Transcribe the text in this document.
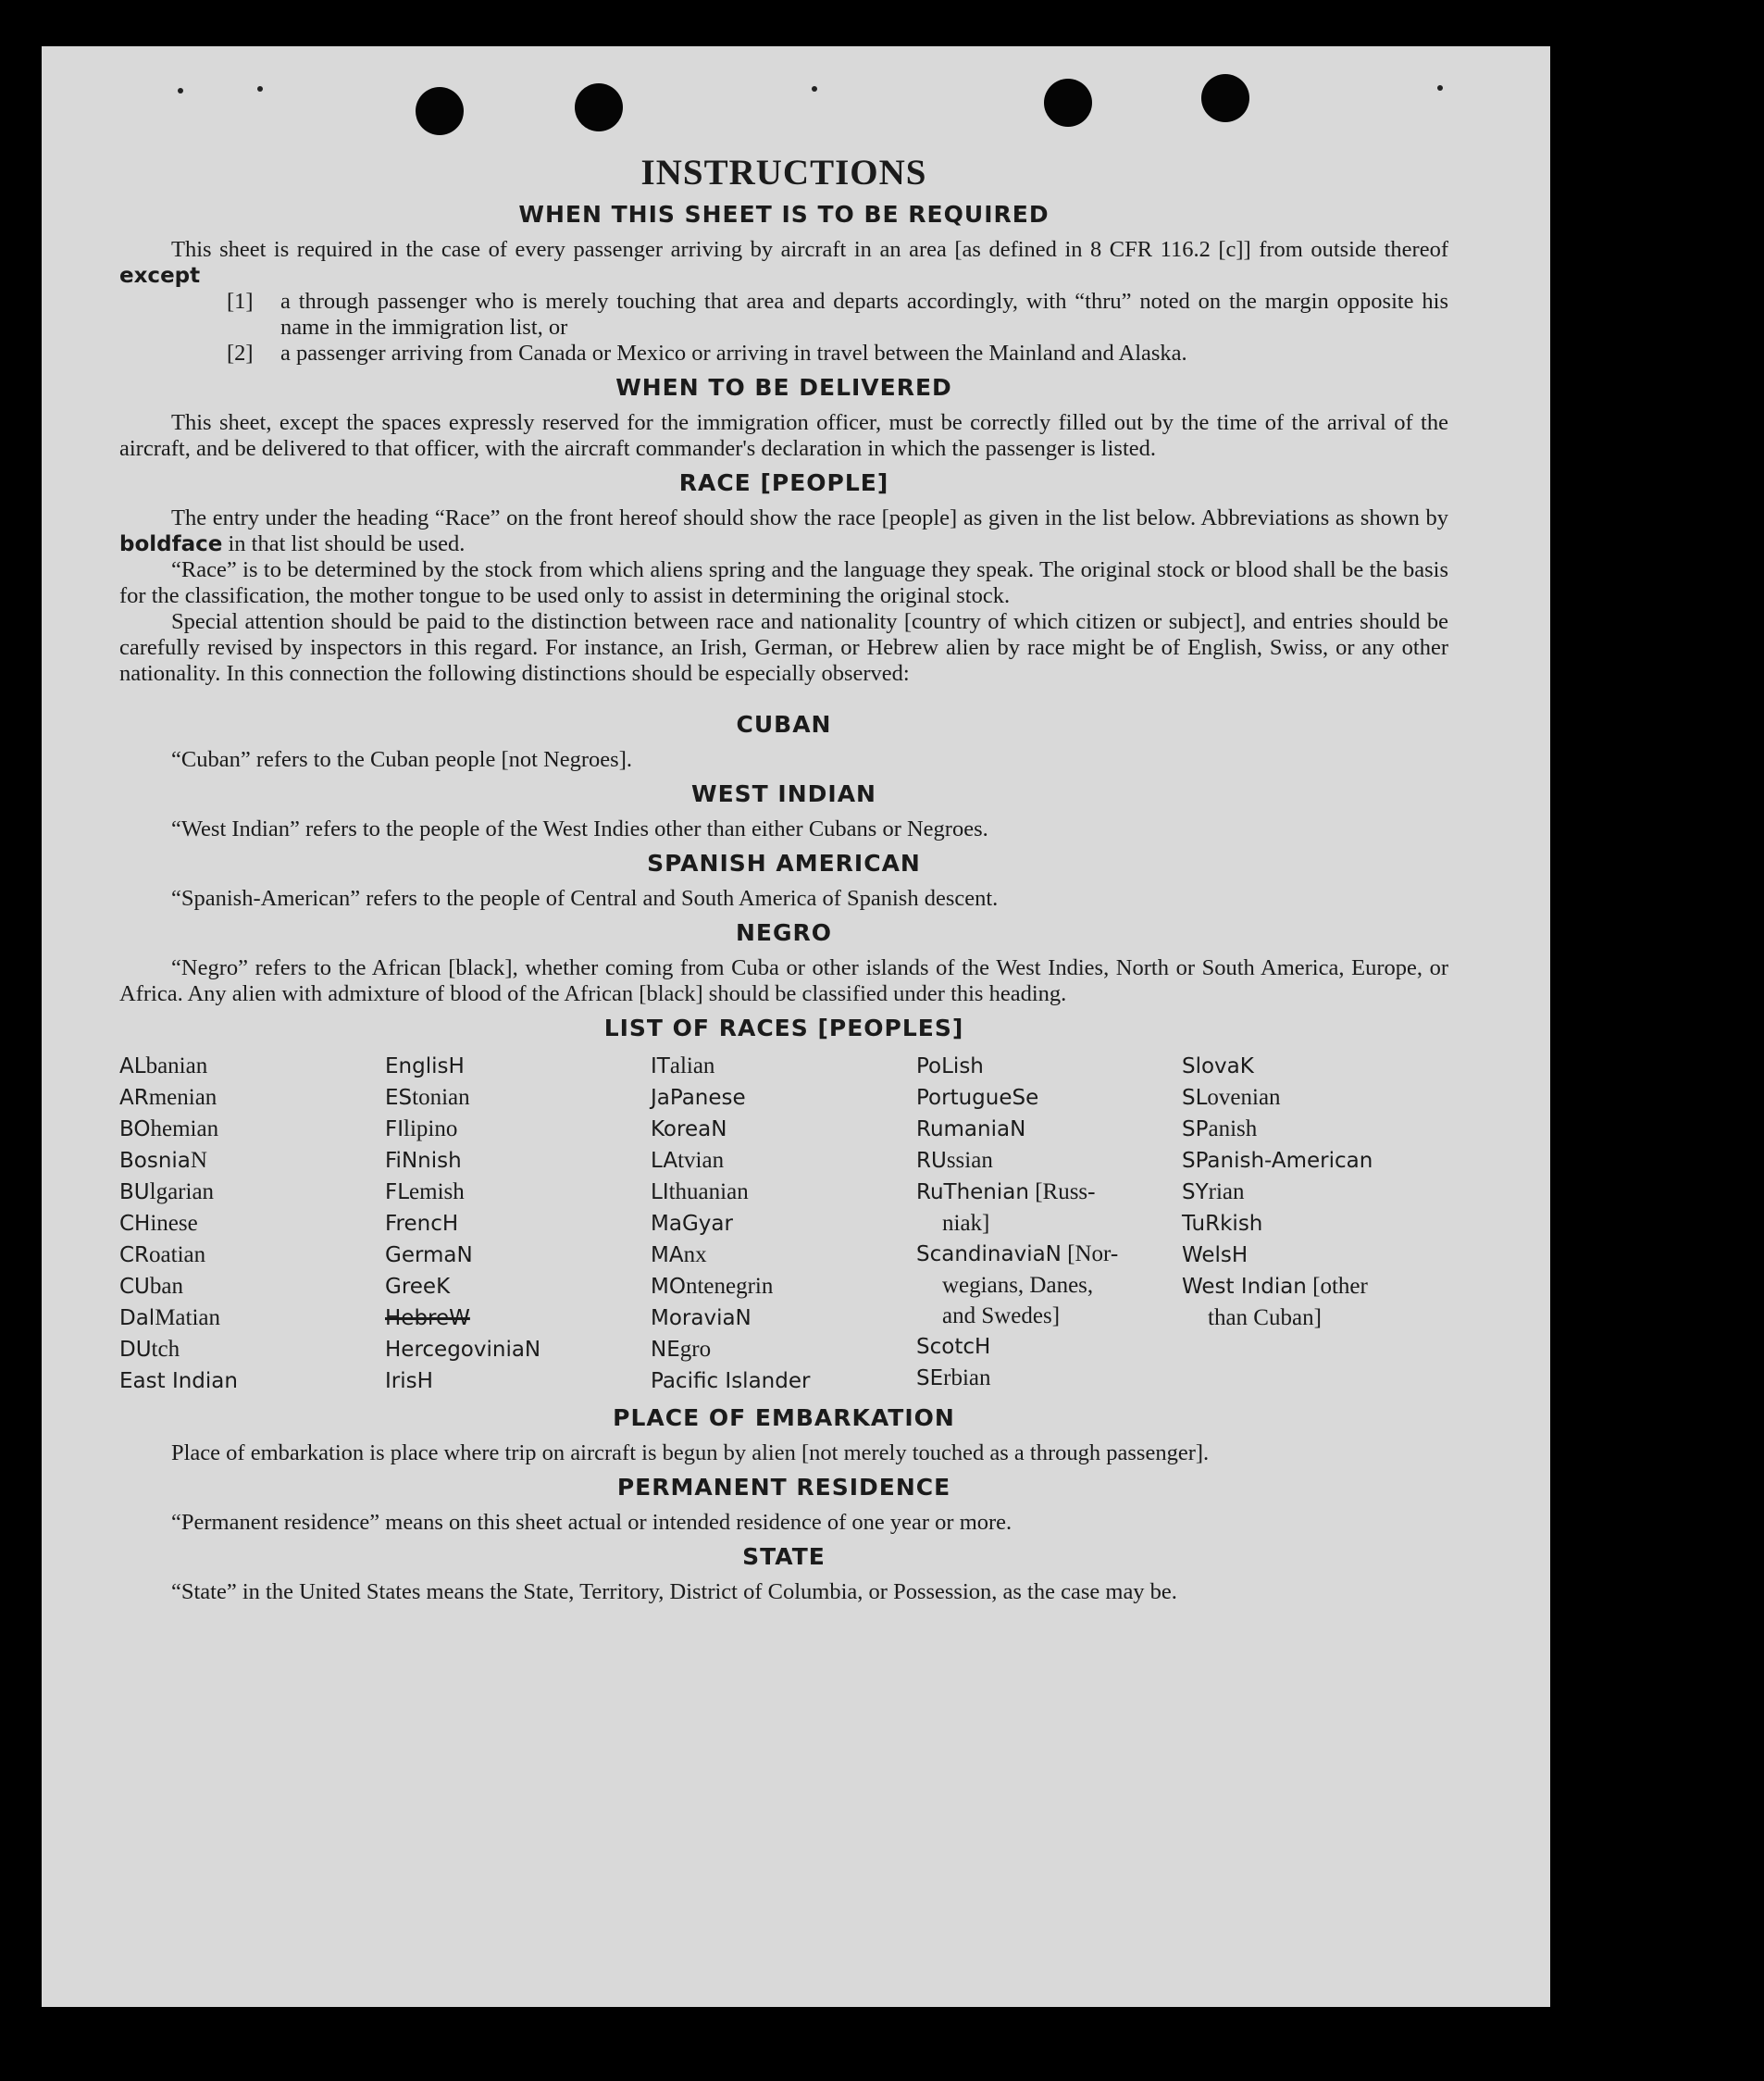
INSTRUCTIONS
WHEN THIS SHEET IS TO BE REQUIRED

This sheet is required in the case of every passenger arriving by aircraft in an area [as defined in 8 CFR 116.2 [c]] from outside thereof except

[1]	a through passenger who is merely touching that area and departs accordingly, with “thru” noted on the margin opposite his name in the immigration list, or
[2]	a passenger arriving from Canada or Mexico or arriving in travel between the Mainland and Alaska.
WHEN TO BE DELIVERED

This sheet, except the spaces expressly reserved for the immigration officer, must be correctly filled out by the time of the arrival of the aircraft, and be delivered to that officer, with the aircraft commander's declaration in which the passenger is listed.

RACE [PEOPLE]

The entry under the heading “Race” on the front hereof should show the race [people] as given in the list below. Abbreviations as shown by boldface in that list should be used.

“Race” is to be determined by the stock from which aliens spring and the language they speak. The original stock or blood shall be the basis for the classification, the mother tongue to be used only to assist in determining the original stock.

Special attention should be paid to the distinction between race and nationality [country of which citizen or subject], and entries should be carefully revised by inspectors in this regard. For instance, an Irish, German, or Hebrew alien by race might be of English, Swiss, or any other nationality. In this connection the following distinctions should be especially observed:

CUBAN

“Cuban” refers to the Cuban people [not Negroes].

WEST INDIAN

“West Indian” refers to the people of the West Indies other than either Cubans or Negroes.

SPANISH AMERICAN

“Spanish-American” refers to the people of Central and South America of Spanish descent.

NEGRO

“Negro” refers to the African [black], whether coming from Cuba or other islands of the West Indies, North or South America, Europe, or Africa. Any alien with admixture of blood of the African [black] should be classified under this heading.

LIST OF RACES [PEOPLES]
ALbanian
ARmenian
BOhemian
BosniaN
BUlgarian
CHinese
CRoatian
CUban
DalMatian
DUtch
East Indian
EnglisH
EStonian
FIlipino
FiNnish
FLemish
FrencH
GermaN
GreeK
HebreW
HercegoviniaN
IrisH
ITalian
JaPanese
KoreaN
LAtvian
LIthuanian
MaGyar
MAnx
MOntenegrin
MoraviaN
NEgro
Pacific Islander
PoLish
PortugueSe
RumaniaN
RUssian
RuThenian [Russ-
niak]
ScandinaviaN [Nor-
wegians, Danes,
and Swedes]
ScotcH
SErbian
SlovaK
SLovenian
SPanish
SPanish-American
SYrian
TuRkish
WelsH
West Indian [other
than Cuban]
PLACE OF EMBARKATION

Place of embarkation is place where trip on aircraft is begun by alien [not merely touched as a through passenger].

PERMANENT RESIDENCE

“Permanent residence” means on this sheet actual or intended residence of one year or more.

STATE

“State” in the United States means the State, Territory, District of Columbia, or Possession, as the case may be.
